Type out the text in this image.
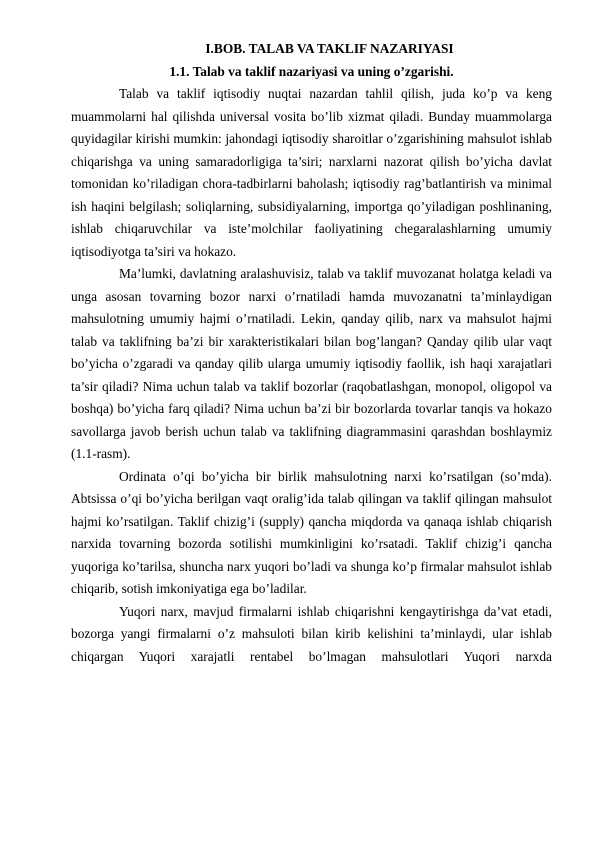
I.BOB. TALAB VA TAKLIF NAZARIYASI

1.1. Talab va taklif nazariyasi va uning o’zgarishi.

Talab va taklif iqtisodiy nuqtai nazardan tahlil qilish, juda ko’p va keng muammolarni hal qilishda universal vosita bo’lib xizmat qiladi. Bunday muammolarga quyidagilar kirishi mumkin: jahondagi iqtisodiy sharoitlar o’zgarishining mahsulot ishlab chiqarishga va uning samaradorligiga ta’siri; narxlarni nazorat qilish bo’yicha davlat tomonidan ko’riladigan chora-tadbirlarni baholash; iqtisodiy rag’batlantirish va minimal ish haqini belgilash; soliqlarning, subsidiyalarning, importga qo’yiladigan poshlinaning, ishlab chiqaruvchilar va iste’molchilar faoliyatining chegaralashlarning umumiy iqtisodiyotga ta’siri va hokazo.

Ma’lumki, davlatning aralashuvisiz, talab va taklif muvozanat holatga keladi va unga asosan tovarning bozor narxi o’rnatiladi hamda muvozanatni ta’minlaydigan mahsulotning umumiy hajmi o’rnatiladi. Lekin, qanday qilib, narx va mahsulot hajmi talab va taklifning ba’zi bir xarakteristikalari bilan bog’langan? Qanday qilib ular vaqt bo’yicha o’zgaradi va qanday qilib ularga umumiy iqtisodiy faollik, ish haqi xarajatlari ta’sir qiladi? Nima uchun talab va taklif bozorlar (raqobatlashgan, monopol, oligopol va boshqa) bo’yicha farq qiladi? Nima uchun ba’zi bir bozorlarda tovarlar tanqis va hokazo savollarga javob berish uchun talab va taklifning diagrammasini qarashdan boshlaymiz (1.1-rasm).

Ordinata o’qi bo’yicha bir birlik mahsulotning narxi ko’rsatilgan (so’mda). Abtsissa o’qi bo’yicha berilgan vaqt oralig’ida talab qilingan va taklif qilingan mahsulot hajmi ko’rsatilgan. Taklif chizig’i (supply) qancha miqdorda va qanaqa ishlab chiqarish narxida tovarning bozorda sotilishi mumkinligini ko’rsatadi. Taklif chizig’i qancha yuqoriga ko’tarilsa, shuncha narx yuqori bo’ladi va shunga ko’p firmalar mahsulot ishlab chiqarib, sotish imkoniyatiga ega bo’ladilar.

Yuqori narx, mavjud firmalarni ishlab chiqarishni kengaytirishga da’vat etadi, bozorga yangi firmalarni o’z mahsuloti bilan kirib kelishini ta’minlaydi, ular ishlab chiqargan Yuqori xarajatli rentabel bo’lmagan mahsulotlari Yuqori narxda
